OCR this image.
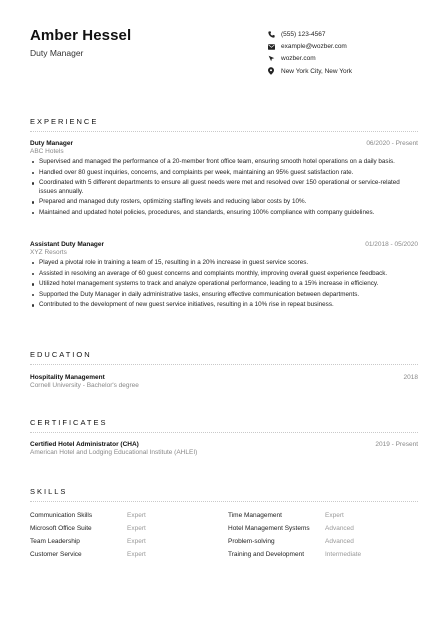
Amber Hessel
Duty Manager
(555) 123-4567
example@wozber.com
wozber.com
New York City, New York
EXPERIENCE
Duty Manager	06/2020 - Present
ABC Hotels
Supervised and managed the performance of a 20-member front office team, ensuring smooth hotel operations on a daily basis.
Handled over 80 guest inquiries, concerns, and complaints per week, maintaining an 95% guest satisfaction rate.
Coordinated with 5 different departments to ensure all guest needs were met and resolved over 150 operational or service-related issues annually.
Prepared and managed duty rosters, optimizing staffing levels and reducing labor costs by 10%.
Maintained and updated hotel policies, procedures, and standards, ensuring 100% compliance with company guidelines.
Assistant Duty Manager	01/2018 - 05/2020
XYZ Resorts
Played a pivotal role in training a team of 15, resulting in a 20% increase in guest service scores.
Assisted in resolving an average of 60 guest concerns and complaints monthly, improving overall guest experience feedback.
Utilized hotel management systems to track and analyze operational performance, leading to a 15% increase in efficiency.
Supported the Duty Manager in daily administrative tasks, ensuring effective communication between departments.
Contributed to the development of new guest service initiatives, resulting in a 10% rise in repeat business.
EDUCATION
Hospitality Management	2018
Cornell University - Bachelor's degree
CERTIFICATES
Certified Hotel Administrator (CHA)	2019 - Present
American Hotel and Lodging Educational Institute (AHLEI)
SKILLS
Communication Skills	Expert	Time Management	Expert
Microsoft Office Suite	Expert	Hotel Management Systems	Advanced
Team Leadership	Expert	Problem-solving	Advanced
Customer Service	Expert	Training and Development	Intermediate
